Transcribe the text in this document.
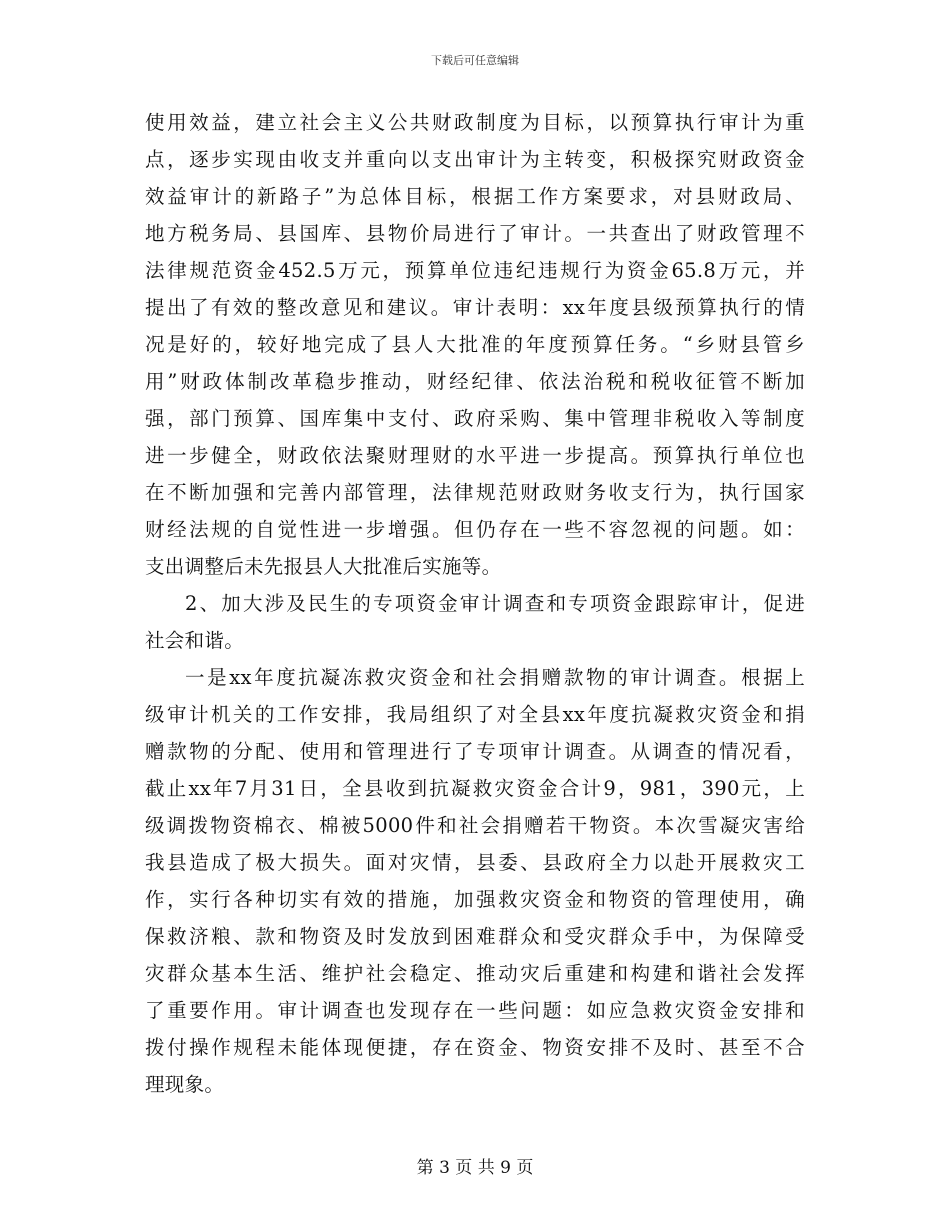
下载后可任意编辑
使用效益，建立社会主义公共财政制度为目标，以预算执行审计为重
点，逐步实现由收支并重向以支出审计为主转变，积极探究财政资金
效益审计的新路子”为总体目标，根据工作方案要求，对县财政局、
地方税务局、县国库、县物价局进行了审计。一共查出了财政管理不
法律规范资金452.5万元，预算单位违纪违规行为资金65.8万元，并
提出了有效的整改意见和建议。审计表明：xx年度县级预算执行的情
况是好的，较好地完成了县人大批准的年度预算任务。“乡财县管乡
用”财政体制改革稳步推动，财经纪律、依法治税和税收征管不断加
强，部门预算、国库集中支付、政府采购、集中管理非税收入等制度
进一步健全，财政依法聚财理财的水平进一步提高。预算执行单位也
在不断加强和完善内部管理，法律规范财政财务收支行为，执行国家
财经法规的自觉性进一步增强。但仍存在一些不容忽视的问题。如：
支出调整后未先报县人大批准后实施等。
2、加大涉及民生的专项资金审计调查和专项资金跟踪审计，促进
社会和谐。
一是xx年度抗凝冻救灾资金和社会捐赠款物的审计调查。根据上
级审计机关的工作安排，我局组织了对全县xx年度抗凝救灾资金和捐
赠款物的分配、使用和管理进行了专项审计调查。从调查的情况看，
截止xx年7月31日，全县收到抗凝救灾资金合计9，981，390元，上
级调拨物资棉衣、棉被5000件和社会捐赠若干物资。本次雪凝灾害给
我县造成了极大损失。面对灾情，县委、县政府全力以赴开展救灾工
作，实行各种切实有效的措施，加强救灾资金和物资的管理使用，确
保救济粮、款和物资及时发放到困难群众和受灾群众手中，为保障受
灾群众基本生活、维护社会稳定、推动灾后重建和构建和谐社会发挥
了重要作用。审计调查也发现存在一些问题：如应急救灾资金安排和
拨付操作规程未能体现便捷，存在资金、物资安排不及时、甚至不合
理现象。
第 3 页 共 9 页
